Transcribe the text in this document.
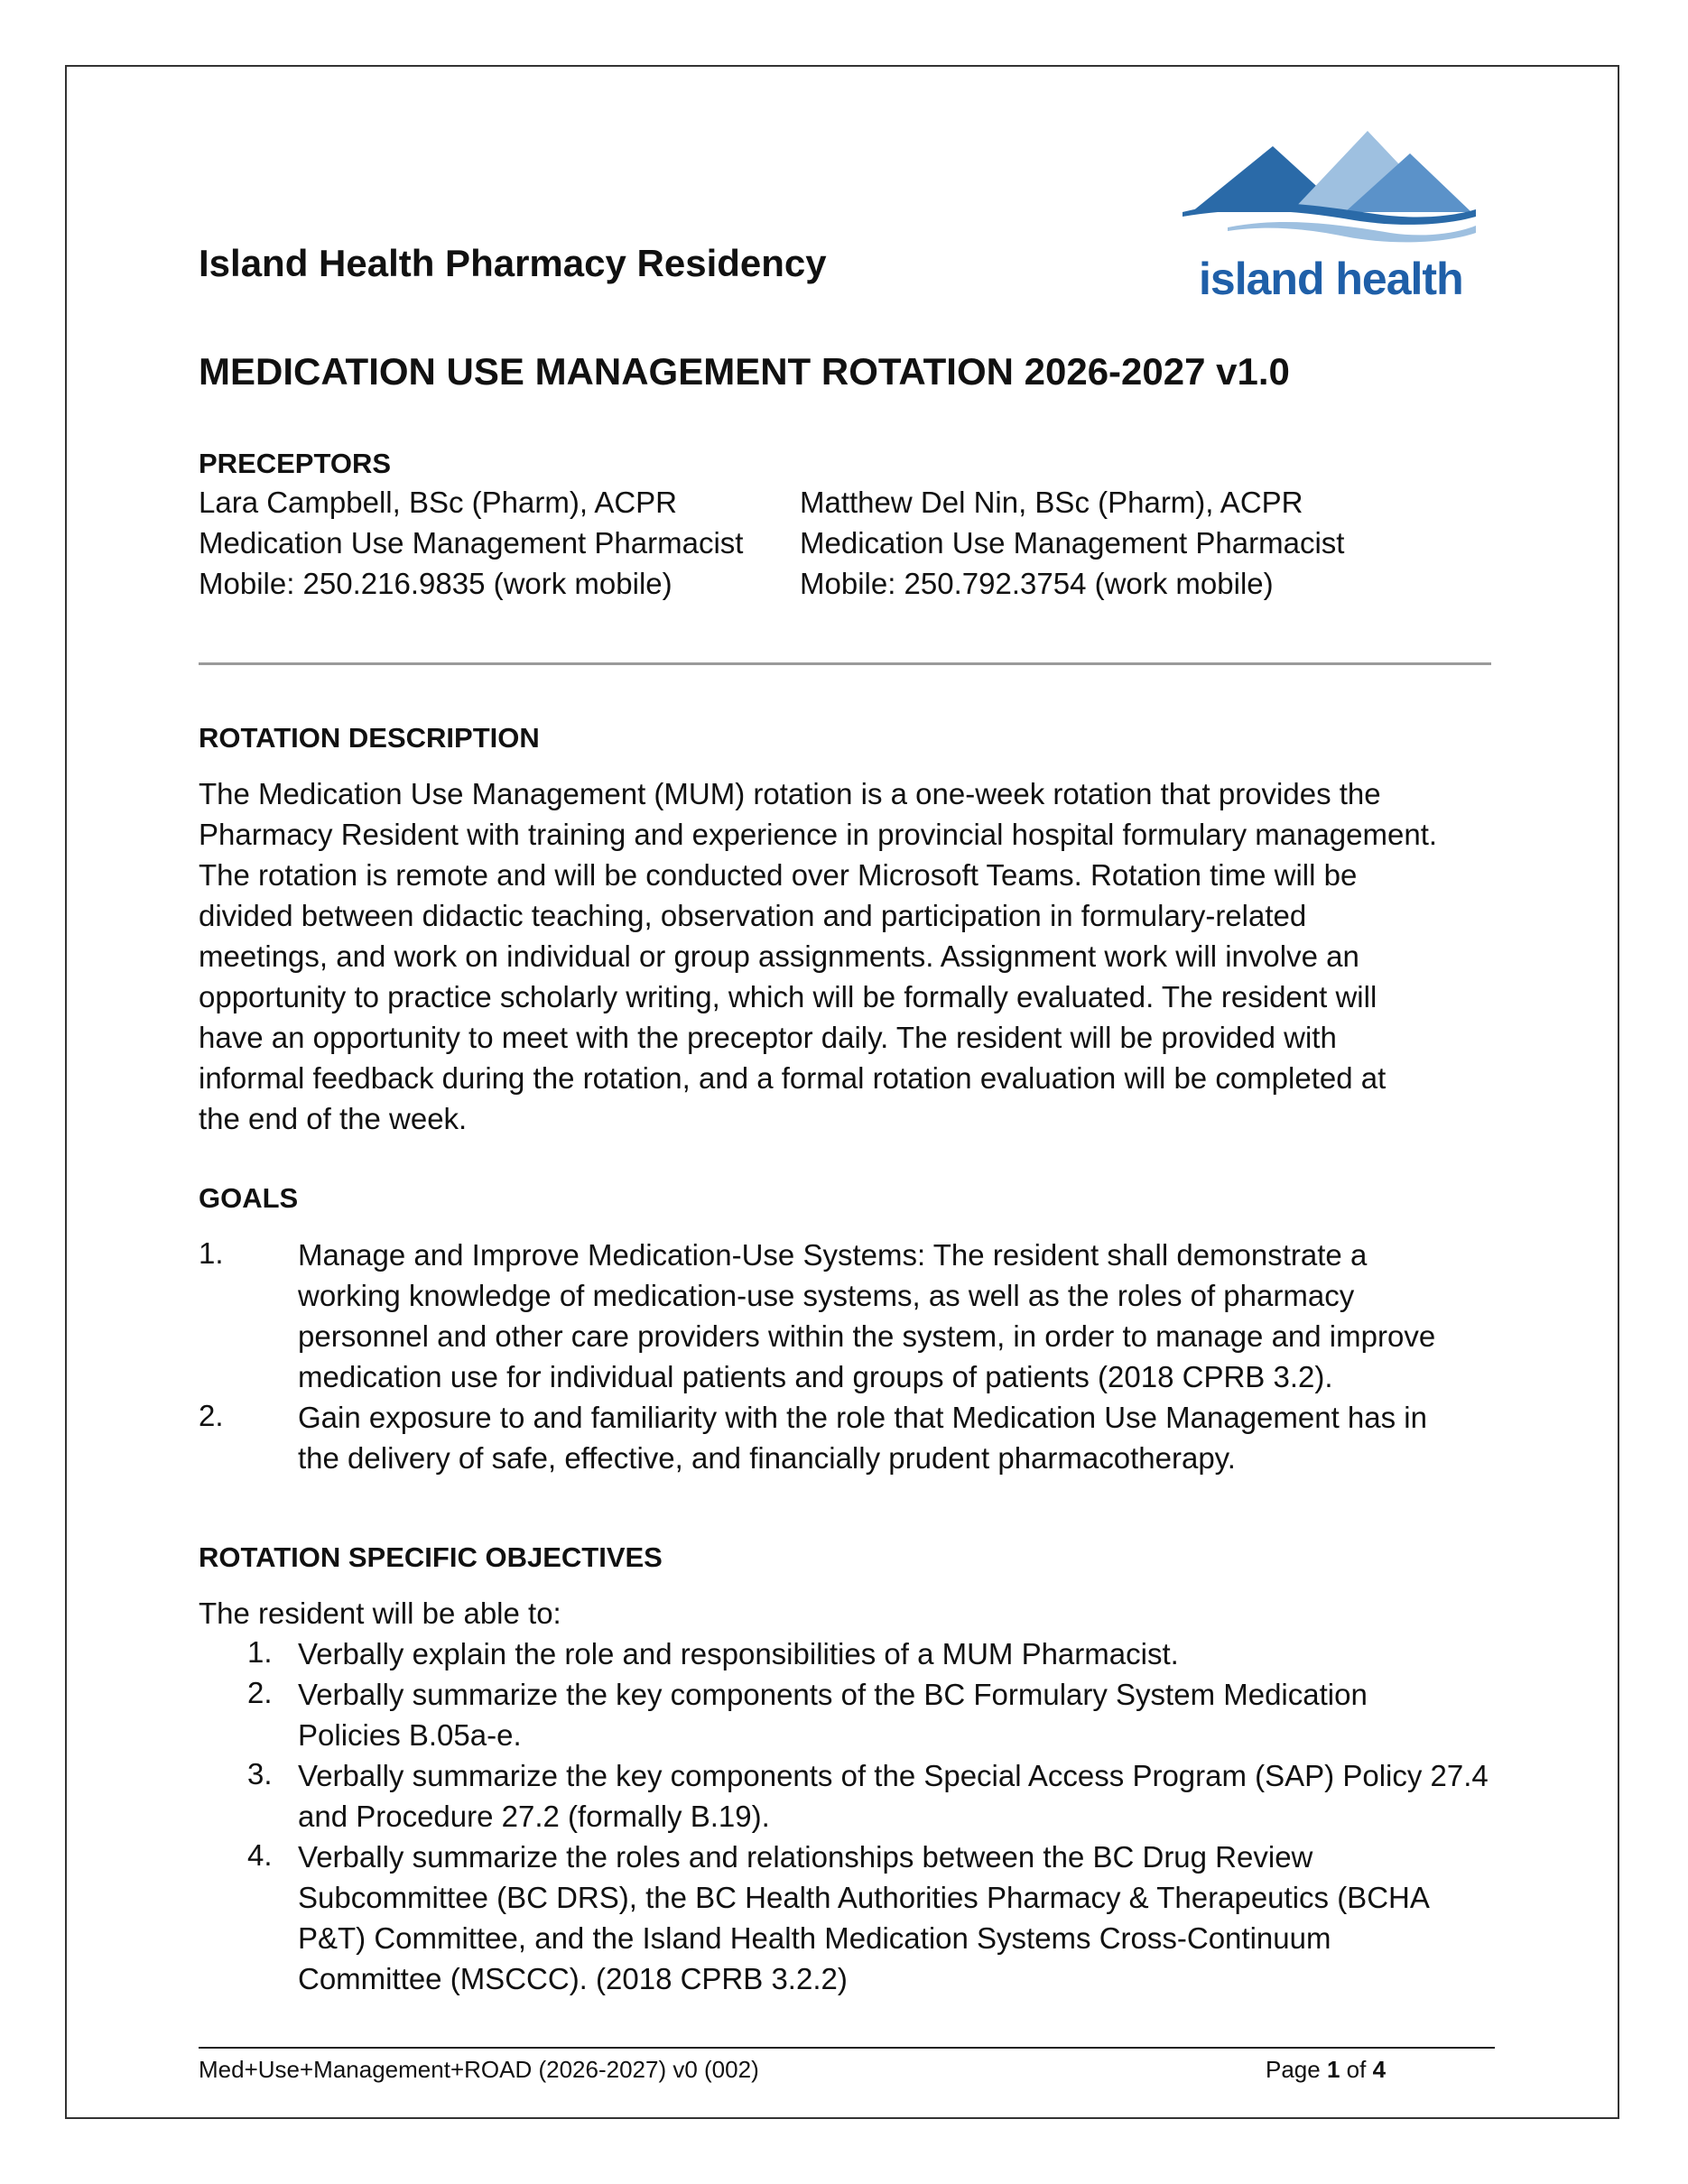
Island Health Pharmacy Residency	island health
MEDICATION USE MANAGEMENT ROTATION 2026-2027 v1.0
PRECEPTORS
Lara Campbell, BSc (Pharm), ACPR
Medication Use Management Pharmacist
Mobile: 250.216.9835 (work mobile)
Matthew Del Nin, BSc (Pharm), ACPR
Medication Use Management Pharmacist
Mobile: 250.792.3754 (work mobile)
ROTATION DESCRIPTION
The Medication Use Management (MUM) rotation is a one-week rotation that provides the
Pharmacy Resident with training and experience in provincial hospital formulary management.
The rotation is remote and will be conducted over Microsoft Teams. Rotation time will be
divided between didactic teaching, observation and participation in formulary-related
meetings, and work on individual or group assignments. Assignment work will involve an
opportunity to practice scholarly writing, which will be formally evaluated. The resident will
have an opportunity to meet with the preceptor daily. The resident will be provided with
informal feedback during the rotation, and a formal rotation evaluation will be completed at
the end of the week.
GOALS
1. Manage and Improve Medication-Use Systems: The resident shall demonstrate a
working knowledge of medication-use systems, as well as the roles of pharmacy
personnel and other care providers within the system, in order to manage and improve
medication use for individual patients and groups of patients (2018 CPRB 3.2).
2. Gain exposure to and familiarity with the role that Medication Use Management has in
the delivery of safe, effective, and financially prudent pharmacotherapy.
ROTATION SPECIFIC OBJECTIVES
The resident will be able to:
1. Verbally explain the role and responsibilities of a MUM Pharmacist.
2. Verbally summarize the key components of the BC Formulary System Medication
Policies B.05a-e.
3. Verbally summarize the key components of the Special Access Program (SAP) Policy 27.4
and Procedure 27.2 (formally B.19).
4. Verbally summarize the roles and relationships between the BC Drug Review
Subcommittee (BC DRS), the BC Health Authorities Pharmacy & Therapeutics (BCHA
P&T) Committee, and the Island Health Medication Systems Cross-Continuum
Committee (MSCCC). (2018 CPRB 3.2.2)
Med+Use+Management+ROAD (2026-2027) v0 (002)	Page 1 of 4
